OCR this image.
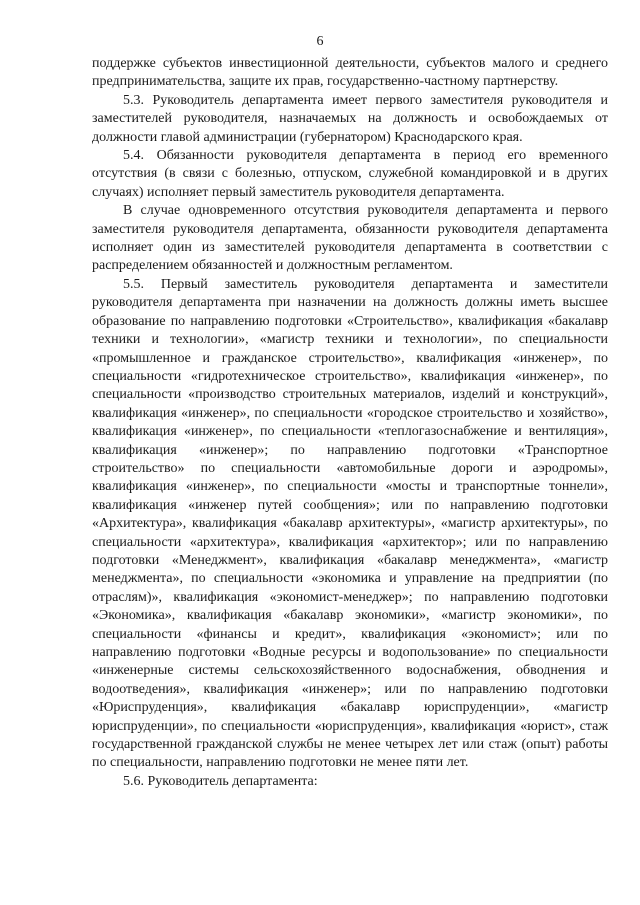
6

поддержке субъектов инвестиционной деятельности, субъектов малого и среднего предпринимательства, защите их прав, государственно-частному партнерству.

5.3. Руководитель департамента имеет первого заместителя руководителя и заместителей руководителя, назначаемых на должность и освобождаемых от должности главой администрации (губернатором) Краснодарского края.

5.4. Обязанности руководителя департамента в период его временного отсутствия (в связи с болезнью, отпуском, служебной командировкой и в других случаях) исполняет первый заместитель руководителя департамента.

В случае одновременного отсутствия руководителя департамента и первого заместителя руководителя департамента, обязанности руководителя департамента исполняет один из заместителей руководителя департамента в соответствии с распределением обязанностей и должностным регламентом.

5.5. Первый заместитель руководителя департамента и заместители руководителя департамента при назначении на должность должны иметь высшее образование по направлению подготовки «Строительство», квалификация «бакалавр техники и технологии», «магистр техники и технологии», по специальности «промышленное и гражданское строительство», квалификация «инженер», по специальности «гидротехническое строительство», квалификация «инженер», по специальности «производство строительных материалов, изделий и конструкций», квалификация «инженер», по специальности «городское строительство и хозяйство», квалификация «инженер», по специальности «теплогазоснабжение и вентиляция», квалификация «инженер»; по направлению подготовки «Транспортное строительство» по специальности «автомобильные дороги и аэродромы», квалификация «инженер», по специальности «мосты и транспортные тоннели», квалификация «инженер путей сообщения»; или по направлению подготовки «Архитектура», квалификация «бакалавр архитектуры», «магистр архитектуры», по специальности «архитектура», квалификация «архитектор»; или по направлению подготовки «Менеджмент», квалификация «бакалавр менеджмента», «магистр менеджмента», по специальности «экономика и управление на предприятии (по отраслям)», квалификация «экономист-менеджер»; по направлению подготовки «Экономика», квалификация «бакалавр экономики», «магистр экономики», по специальности «финансы и кредит», квалификация «экономист»; или по направлению подготовки «Водные ресурсы и водопользование» по специальности «инженерные системы сельскохозяйственного водоснабжения, обводнения и водоотведения», квалификация «инженер»; или по направлению подготовки «Юриспруденция», квалификация «бакалавр юриспруденции», «магистр юриспруденции», по специальности «юриспруденция», квалификация «юрист», стаж государственной гражданской службы не менее четырех лет или стаж (опыт) работы по специальности, направлению подготовки не менее пяти лет.

5.6. Руководитель департамента:
